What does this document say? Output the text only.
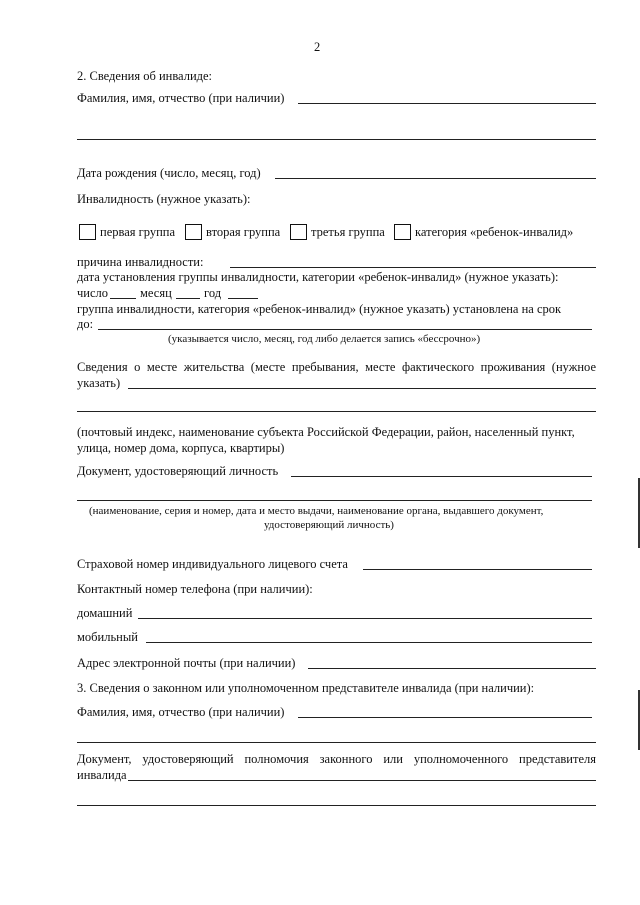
2
2. Сведения об инвалиде:
Фамилия, имя, отчество (при наличии)
Дата рождения (число, месяц, год)
Инвалидность (нужное указать):
первая группа вторая группа третья группа категория «ребенок-инвалид»
причина инвалидности:
дата установления группы инвалидности, категории «ребенок-инвалид» (нужное указать):
число	месяц	год
группа инвалидности, категория «ребенок-инвалид» (нужное указать) установлена на срок
до:
(указывается число, месяц, год либо делается запись «бессрочно»)
Сведения о месте жительства (месте пребывания, месте фактического проживания (нужное
указать)
(почтовый индекс, наименование субъекта Российской Федерации, район, населенный пункт,
улица, номер дома, корпуса, квартиры)
Документ, удостоверяющий личность
(наименование, серия и номер, дата и место выдачи, наименование органа, выдавшего документ,
удостоверяющий личность)
Страховой номер индивидуального лицевого счета
Контактный номер телефона (при наличии):
домашний
мобильный
Адрес электронной почты (при наличии)
3. Сведения о законном или уполномоченном представителе инвалида (при наличии):
Фамилия, имя, отчество (при наличии)
Документ, удостоверяющий полномочия законного или уполномоченного представителя
инвалида
